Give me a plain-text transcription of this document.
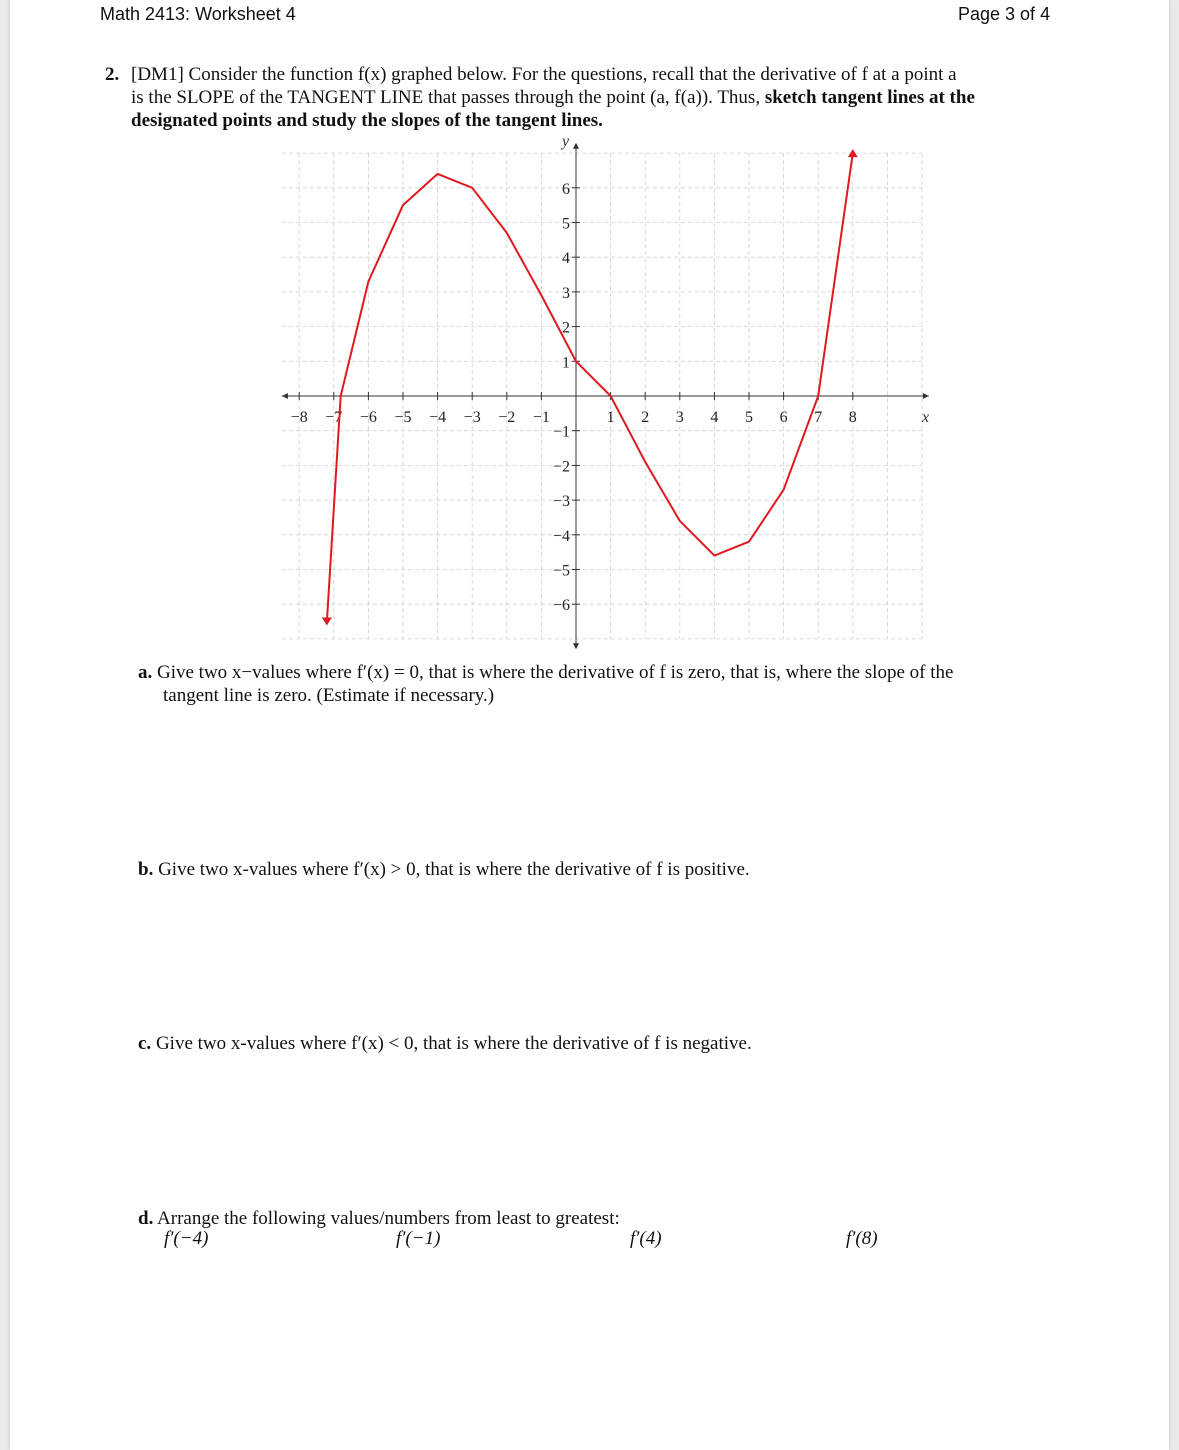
Math 2413: Worksheet 4	Page 3 of 4
2. [DM1] Consider the function f(x) graphed below. For the questions, recall that the derivative of f at a point a
is the SLOPE of the TANGENT LINE that passes through the point (a, f(a)). Thus, sketch tangent lines at the
designated points and study the slopes of the tangent lines.
−8 −7 −6 −5 −4 −3 −2 −1	1 2 3 4 5 6 7 8
6
5
4
3
2
1
−1
−2
−3
−4
−5
−6
x
y
a. Give two x−values where f′(x) = 0, that is where the derivative of f is zero, that is, where the slope of the
tangent line is zero. (Estimate if necessary.)
b. Give two x-values where f′(x) > 0, that is where the derivative of f is positive.
c. Give two x-values where f′(x) < 0, that is where the derivative of f is negative.
d. Arrange the following values/numbers from least to greatest:
f′(−4)	f′(−1)	f′(4)	f′(8)
